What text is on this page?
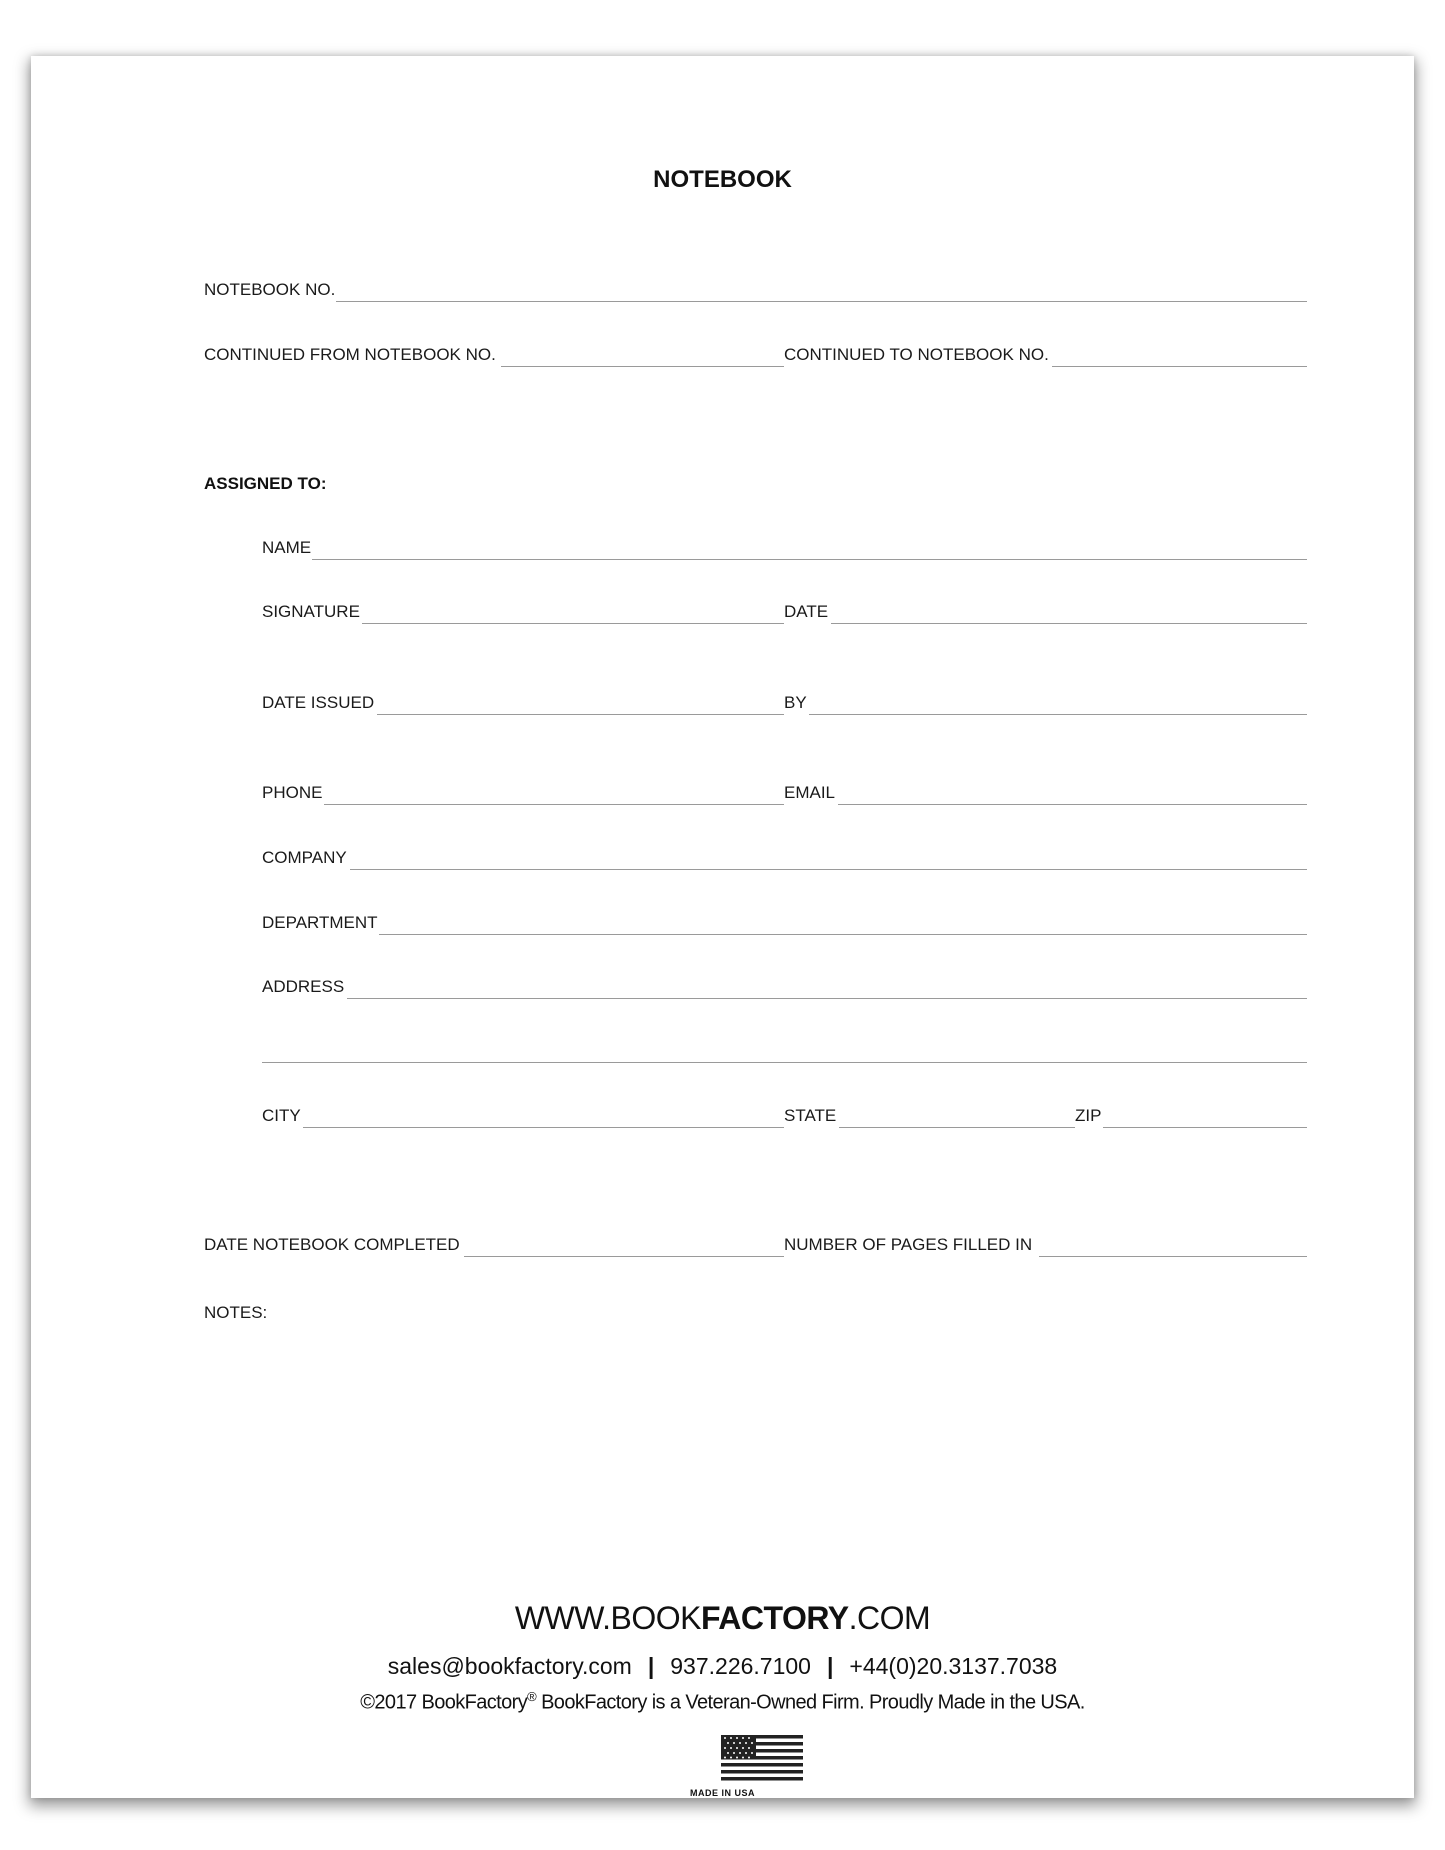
NOTEBOOK
NOTEBOOK NO.
CONTINUED FROM NOTEBOOK NO.	CONTINUED TO NOTEBOOK NO.
ASSIGNED TO:
NAME
SIGNATURE	DATE
DATE ISSUED	BY
PHONE	EMAIL
COMPANY
DEPARTMENT
ADDRESS
CITY	STATE	ZIP
DATE NOTEBOOK COMPLETED	NUMBER OF PAGES FILLED IN
NOTES:
WWW.BOOKFACTORY.COM
sales@bookfactory.com | 937.226.7100 | +44(0)20.3137.7038
©2017 BookFactory® BookFactory is a Veteran-Owned Firm. Proudly Made in the USA.
MADE IN USA
